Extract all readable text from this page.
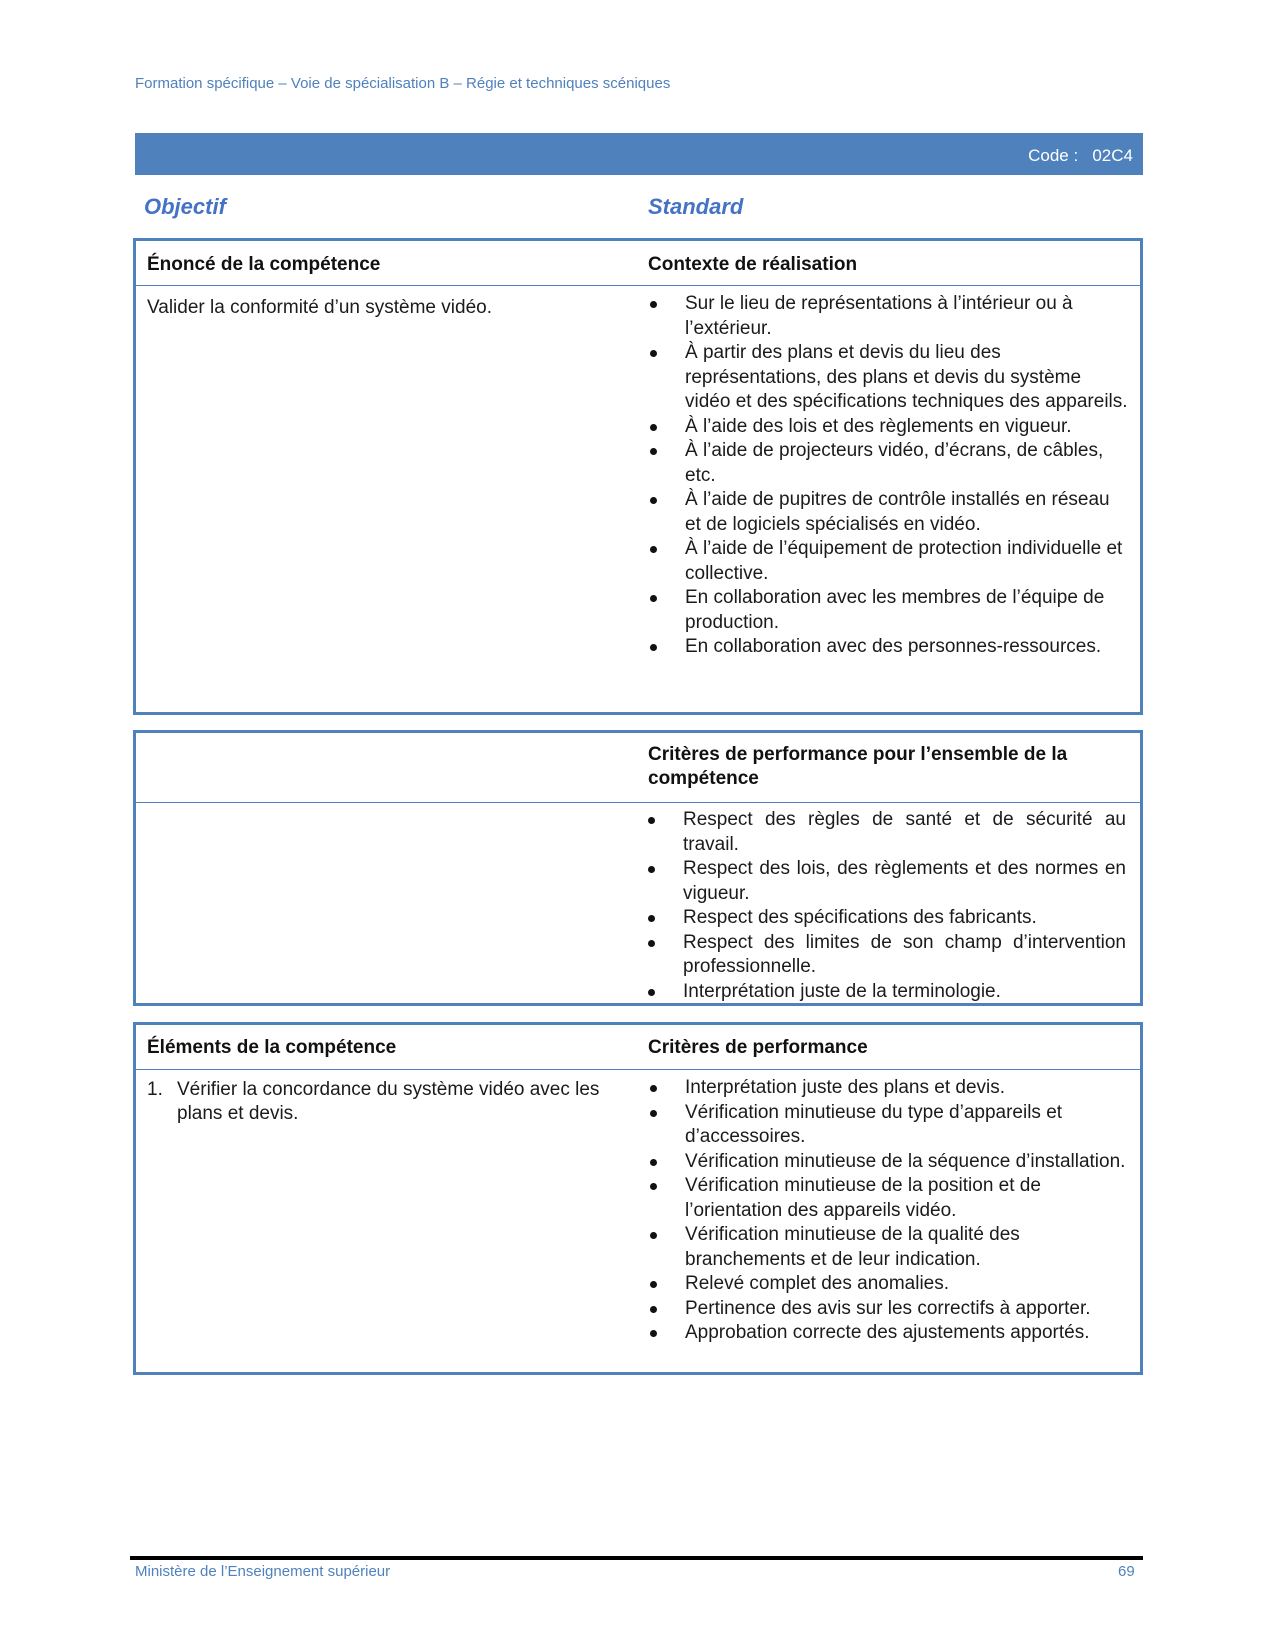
Formation spécifique – Voie de spécialisation B – Régie et techniques scéniques
Code :   02C4
Objectif	Standard
Énoncé de la compétence	Contexte de réalisation
Valider la conformité d’un système vidéo.	Sur le lieu de représentations à l’intérieur ou à l’extérieur.
À partir des plans et devis du lieu des représentations, des plans et devis du système vidéo et des spécifications techniques des appareils.
À l’aide des lois et des règlements en vigueur.
À l’aide de projecteurs vidéo, d’écrans, de câbles, etc.
À l’aide de pupitres de contrôle installés en réseau et de logiciels spécialisés en vidéo.
À l’aide de l’équipement de protection individuelle et collective.
En collaboration avec les membres de l’équipe de production.
En collaboration avec des personnes-ressources.
Critères de performance pour l’ensemble de la compétence
Respect des règles de santé et de sécurité au travail.
Respect des lois, des règlements et des normes en vigueur.
Respect des spécifications des fabricants.
Respect des limites de son champ d’intervention professionnelle.
Interprétation juste de la terminologie.
Éléments de la compétence	Critères de performance
1. Vérifier la concordance du système vidéo avec les plans et devis.
Interprétation juste des plans et devis.
Vérification minutieuse du type d’appareils et d’accessoires.
Vérification minutieuse de la séquence d’installation.
Vérification minutieuse de la position et de l’orientation des appareils vidéo.
Vérification minutieuse de la qualité des branchements et de leur indication.
Relevé complet des anomalies.
Pertinence des avis sur les correctifs à apporter.
Approbation correcte des ajustements apportés.
Ministère de l’Enseignement supérieur	69
